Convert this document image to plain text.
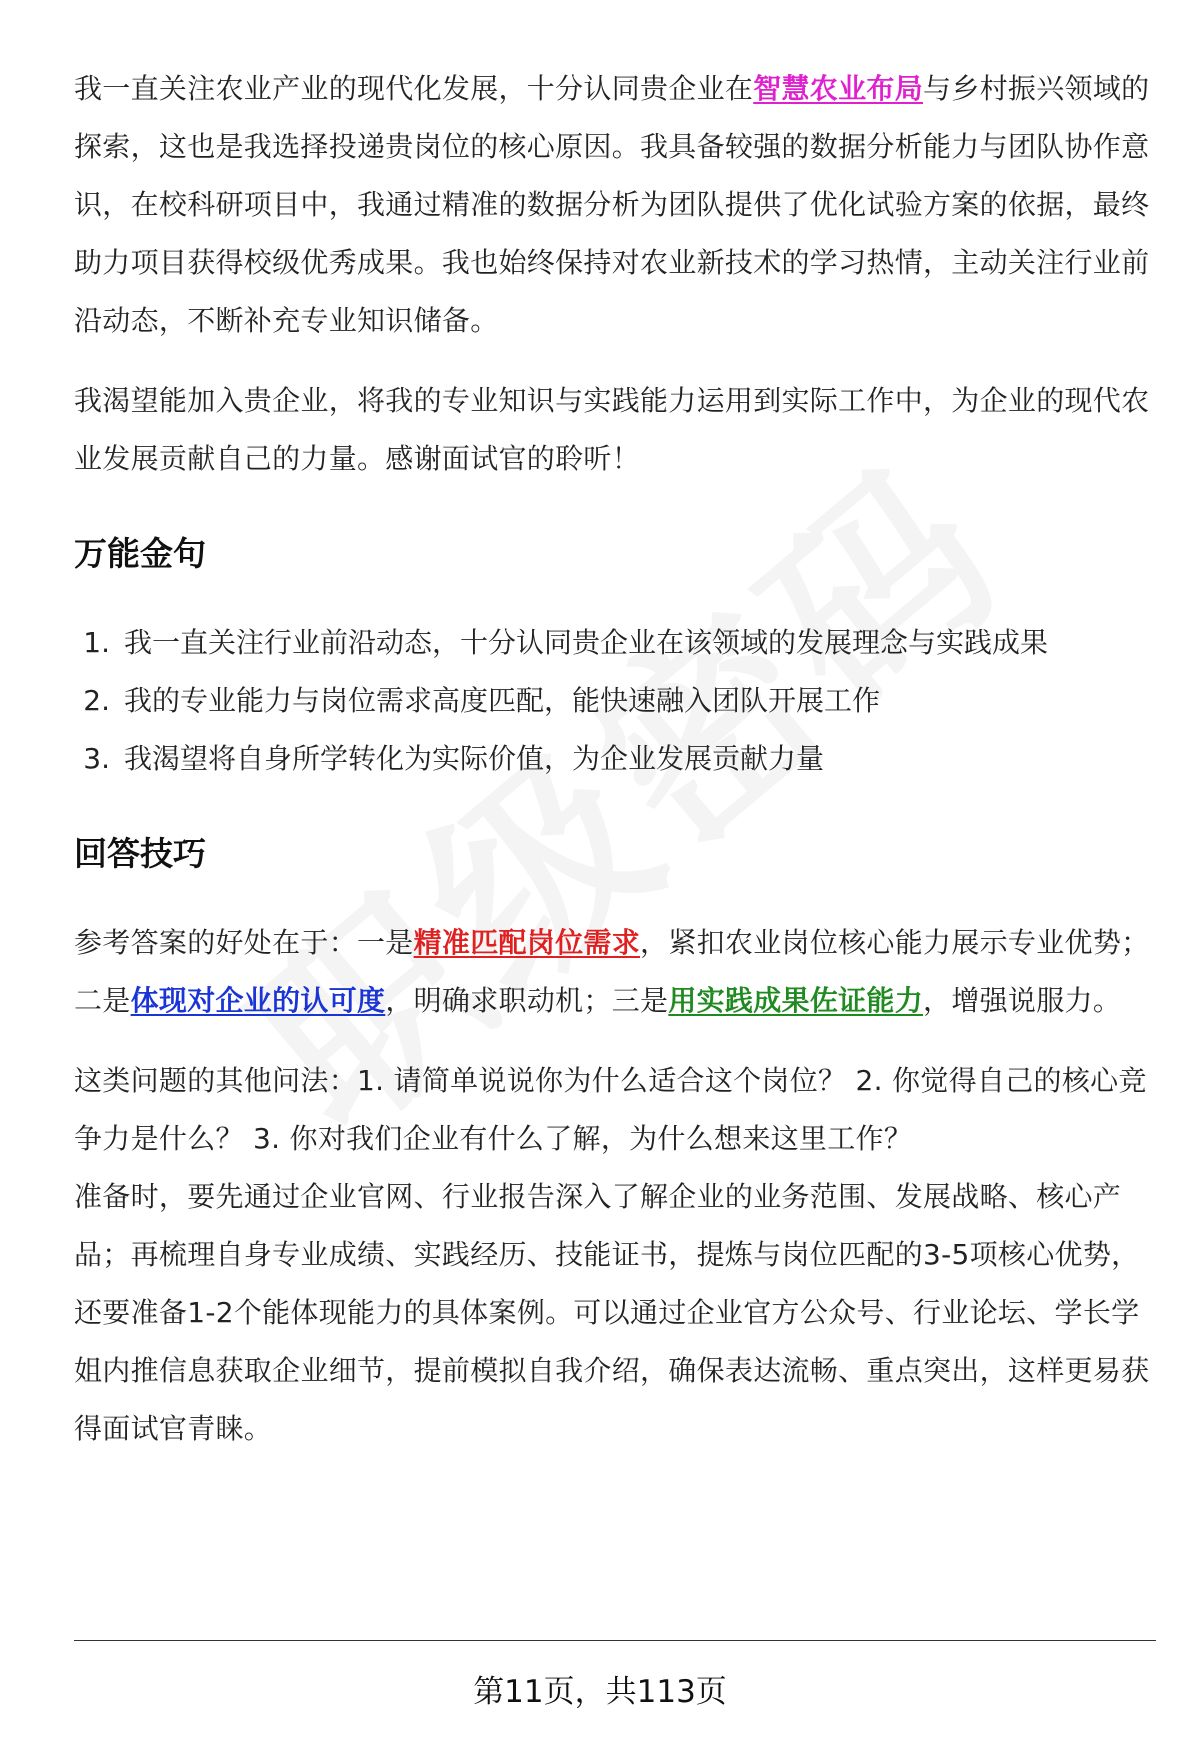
我一直关注农业产业的现代化发展，十分认同贵企业在智慧农业布局与乡村振兴领域的探索，这也是我选择投递贵岗位的核心原因。我具备较强的数据分析能力与团队协作意识，在校科研项目中，我通过精准的数据分析为团队提供了优化试验方案的依据，最终助力项目获得校级优秀成果。我也始终保持对农业新技术的学习热情，主动关注行业前沿动态，不断补充专业知识储备。

我渴望能加入贵企业，将我的专业知识与实践能力运用到实际工作中，为企业的现代农业发展贡献自己的力量。感谢面试官的聆听！

万能金句
1. 我一直关注行业前沿动态，十分认同贵企业在该领域的发展理念与实践成果
2. 我的专业能力与岗位需求高度匹配，能快速融入团队开展工作
3. 我渴望将自身所学转化为实际价值，为企业发展贡献力量
回答技巧

参考答案的好处在于：一是精准匹配岗位需求，紧扣农业岗位核心能力展示专业优势；二是体现对企业的认可度，明确求职动机；三是用实践成果佐证能力，增强说服力。

这类问题的其他问法：1. 请简单说说你为什么适合这个岗位？ 2. 你觉得自己的核心竞争力是什么？ 3. 你对我们企业有什么了解，为什么想来这里工作？

准备时，要先通过企业官网、行业报告深入了解企业的业务范围、发展战略、核心产品；再梳理自身专业成绩、实践经历、技能证书，提炼与岗位匹配的3-5项核心优势，还要准备1-2个能体现能力的具体案例。可以通过企业官方公众号、行业论坛、学长学姐内推信息获取企业细节，提前模拟自我介绍，确保表达流畅、重点突出，这样更易获得面试官青睐。

第11页，共113页
